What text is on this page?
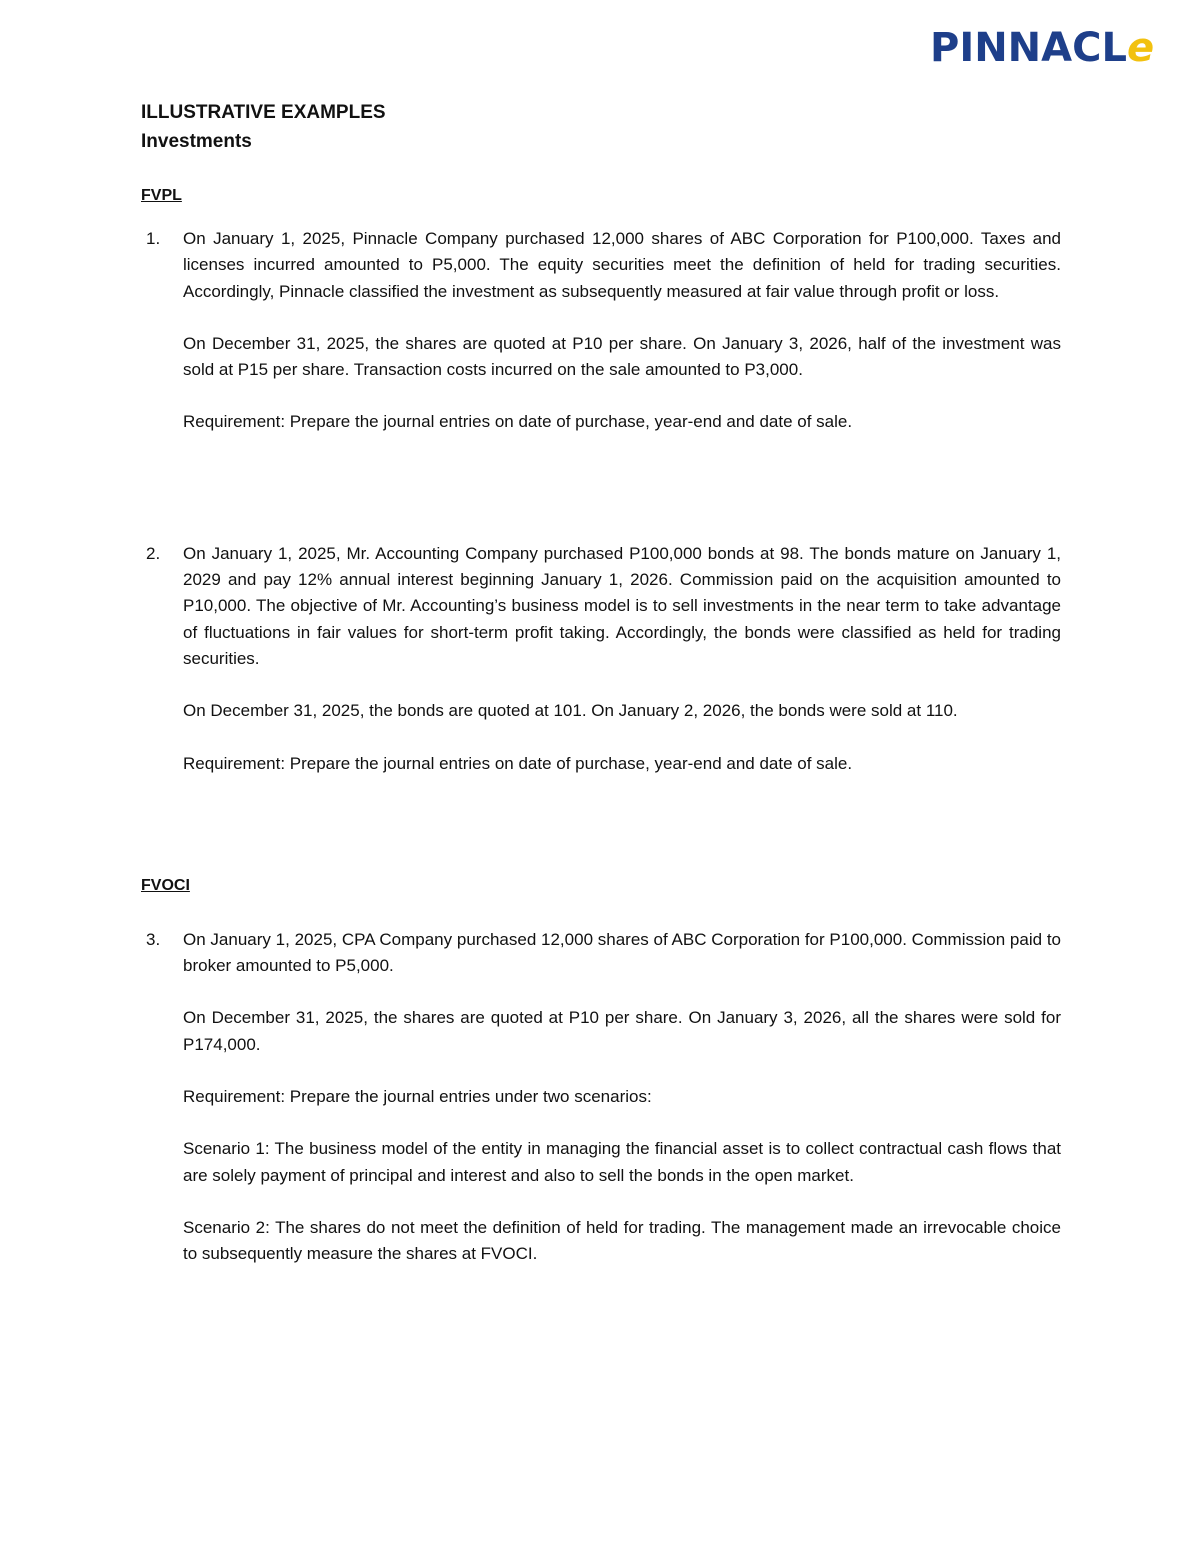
PINNACLe
ILLUSTRATIVE EXAMPLES
Investments
FVPL
1. On January 1, 2025, Pinnacle Company purchased 12,000 shares of ABC Corporation for P100,000. Taxes and licenses incurred amounted to P5,000. The equity securities meet the definition of held for trading securities. Accordingly, Pinnacle classified the investment as subsequently measured at fair value through profit or loss.

On December 31, 2025, the shares are quoted at P10 per share. On January 3, 2026, half of the investment was sold at P15 per share. Transaction costs incurred on the sale amounted to P3,000.

Requirement: Prepare the journal entries on date of purchase, year-end and date of sale.

2. On January 1, 2025, Mr. Accounting Company purchased P100,000 bonds at 98. The bonds mature on January 1, 2029 and pay 12% annual interest beginning January 1, 2026. Commission paid on the acquisition amounted to P10,000. The objective of Mr. Accounting’s business model is to sell investments in the near term to take advantage of fluctuations in fair values for short-term profit taking. Accordingly, the bonds were classified as held for trading securities.

On December 31, 2025, the bonds are quoted at 101. On January 2, 2026, the bonds were sold at 110.

Requirement: Prepare the journal entries on date of purchase, year-end and date of sale.

FVOCI
3. On January 1, 2025, CPA Company purchased 12,000 shares of ABC Corporation for P100,000. Commission paid to broker amounted to P5,000.

On December 31, 2025, the shares are quoted at P10 per share. On January 3, 2026, all the shares were sold for P174,000.

Requirement: Prepare the journal entries under two scenarios:

Scenario 1: The business model of the entity in managing the financial asset is to collect contractual cash flows that are solely payment of principal and interest and also to sell the bonds in the open market.

Scenario 2: The shares do not meet the definition of held for trading. The management made an irrevocable choice to subsequently measure the shares at FVOCI.
